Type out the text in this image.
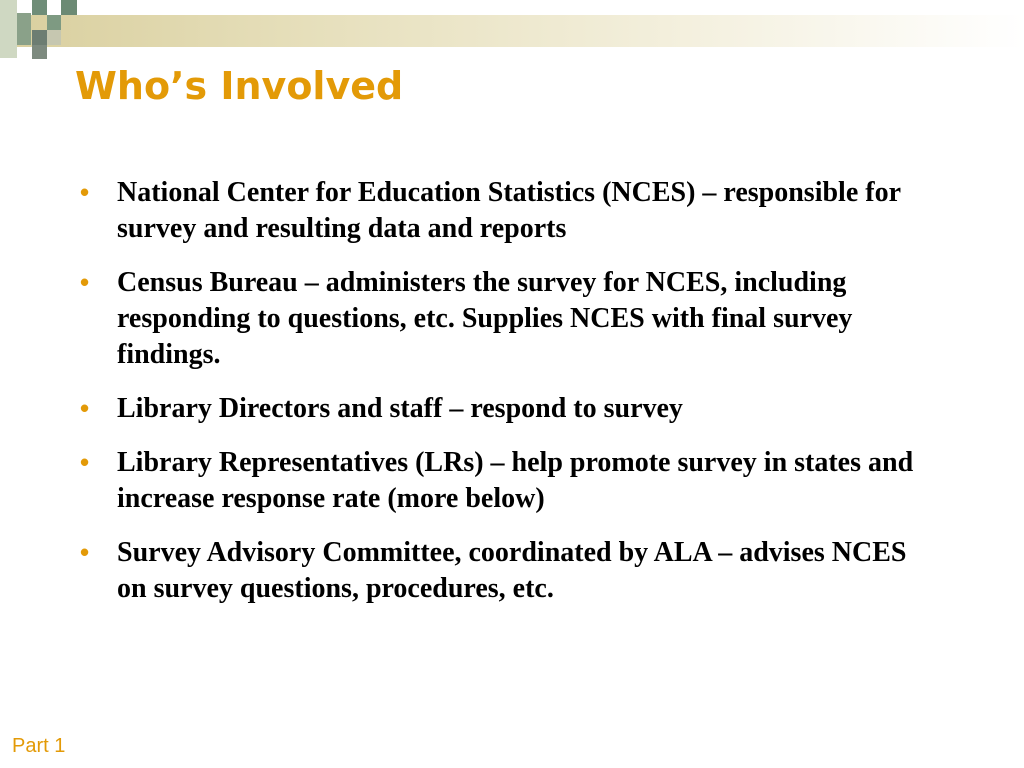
Who’s Involved
• National Center for Education Statistics (NCES) – responsible for survey and resulting data and reports
• Census Bureau – administers the survey for NCES, including responding to questions, etc. Supplies NCES with final survey findings.
• Library Directors and staff – respond to survey
• Library Representatives (LRs) – help promote survey in states and increase response rate (more below)
• Survey Advisory Committee, coordinated by ALA – advises NCES on survey questions, procedures, etc.
Part 1
